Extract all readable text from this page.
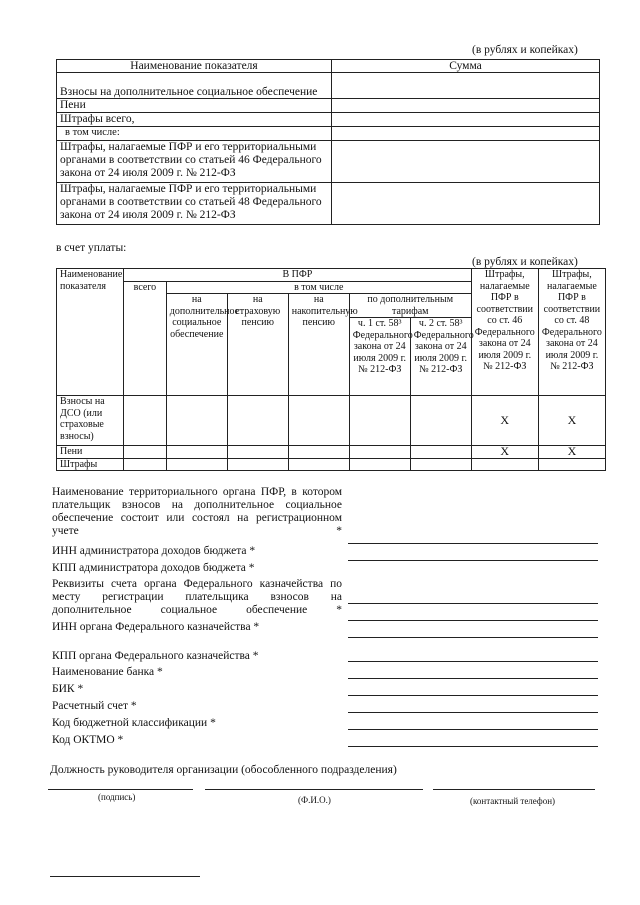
(в рублях и копейках)
Наименование показателя	Сумма
Взносы на дополнительное социальное обеспечение	
Пени	
Штрафы всего,	
в том числе:	
Штрафы, налагаемые ПФР и его территориальными органами в соответствии со статьей 46 Федерального закона от 24 июля 2009 г. № 212-ФЗ	
Штрафы, налагаемые ПФР и его территориальными органами в соответствии со статьей 48 Федерального закона от 24 июля 2009 г. № 212-ФЗ	
в счет уплаты:
(в рублях и копейках)
Наименование показателя	В ПФР						Штрафы, налагаемые ПФР в соответствии со ст. 46 Федерального закона от 24 июля 2009 г. № 212-ФЗ	Штрафы, налагаемые ПФР в соответствии со ст. 48 Федерального закона от 24 июля 2009 г. № 212-ФЗ
	всего	в том числе						
		на дополнительное социальное обеспечение	на страховую пенсию	на накопительную пенсию	по дополнительным тарифам			
					ч. 1 ст. 58³ Федерального закона от 24 июля 2009 г. № 212-ФЗ	ч. 2 ст. 58³ Федерального закона от 24 июля 2009 г. № 212-ФЗ		
Взносы на ДСО (или страховые взносы)							Х	Х
Пени							Х	Х
Штрафы								
Наименование территориального органа ПФР, в котором плательщик взносов на дополнительное социальное обеспечение состоит или состоял на регистрационном учете *
ИНН администратора доходов бюджета *
КПП администратора доходов бюджета *
Реквизиты счета органа Федерального казначейства по месту регистрации плательщика взносов на дополнительное социальное обеспечение *
ИНН органа Федерального казначейства *
КПП органа Федерального казначейства *
Наименование банка *
БИК *
Расчетный счет *
Код бюджетной классификации *
Код ОКТМО *
Должность руководителя организации (обособленного подразделения)
(подпись)	(Ф.И.О.)	(контактный телефон)
